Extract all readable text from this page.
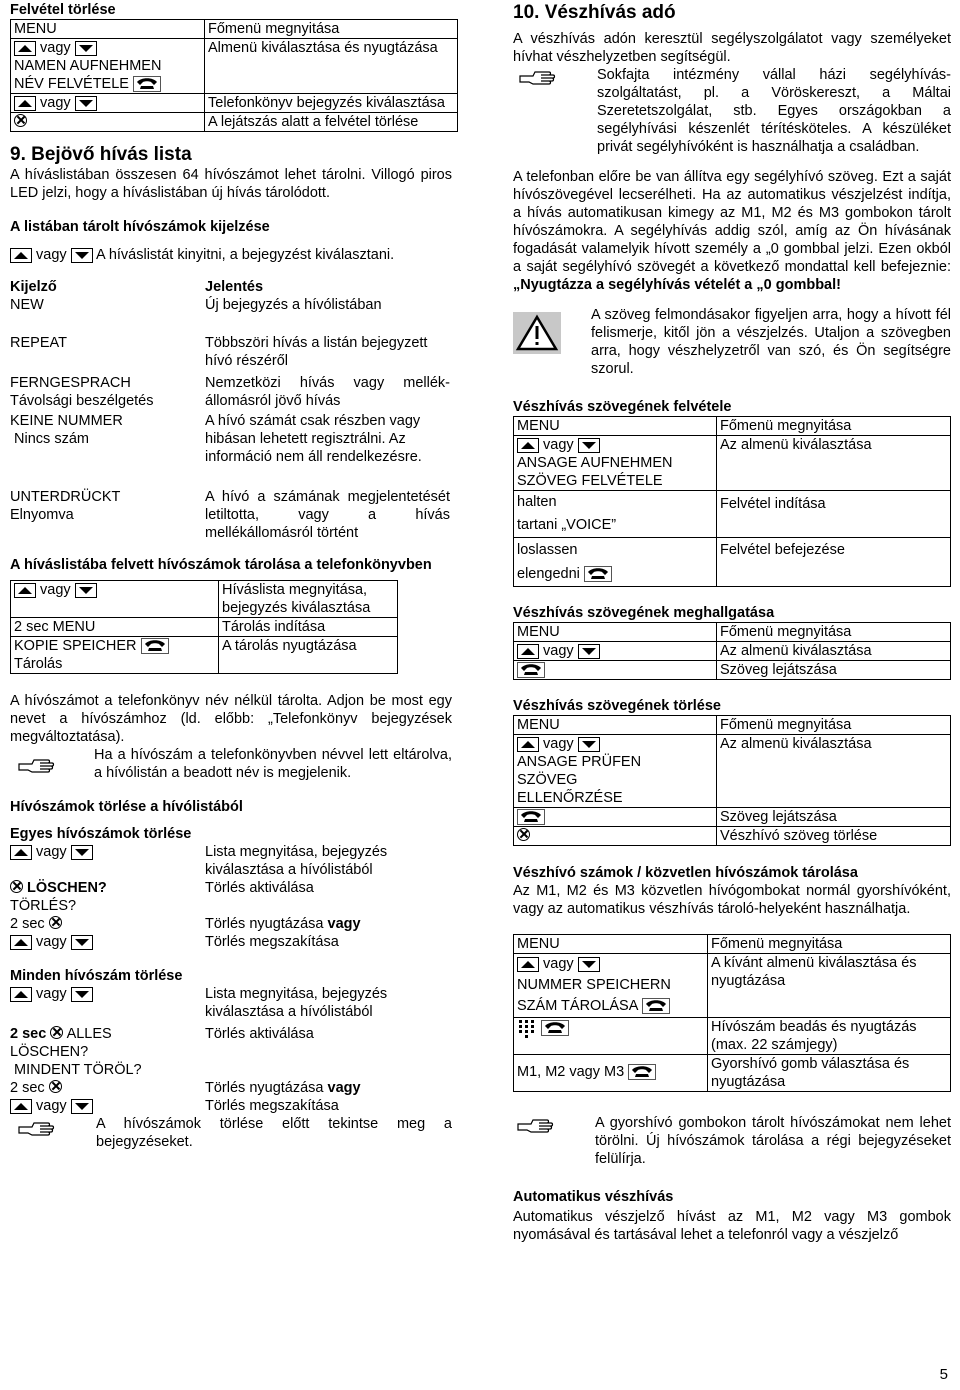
Felvétel törlése
MENU	Főmenü megnyitása
vagy
NAMEN AUFNEHMEN
NÉV FELVÉTELE	Almenü kiválasztása és nyugtázása
vagy	Telefonkönyv bejegyzés kiválasztása
	A lejátszás alatt a felvétel törlése
9. Bejövő hívás lista
A híváslistában összesen 64 hívószámot lehet tárolni. Villogó piros LED jelzi, hogy a híváslistában új hívás tárolódott.
A listában tárolt hívószámok kijelzése
vagy A híváslistát kinyitni, a bejegyzést kiválasztani.
Kijelző	Jelentés
NEW	Új bejegyzés a hívólistában
REPEAT	Többszöri hívás a listán bejegyzett hívó részéről
FERNGESPRACH
Távolsági beszélgetés	Nemzetközi hívás vagy mellék-állomásról jövő hívás
KEINE NUMMER
Nincs szám	A hívó számát csak részben vagy hibásan lehetett regisztrálni. Az információ nem áll rendelkezésre.
UNTERDRÜCKT
Elnyomva	A hívó a számának megjelentetését letiltotta, vagy a hívás mellékállomásról történt
A híváslistába felvett hívószámok tárolása a telefonkönyvben
vagy	Híváslista megnyitása, bejegyzés kiválasztása
2 sec MENU	Tárolás indítása
KOPIE SPEICHER
Tárolás	A tárolás nyugtázása
A hívószámot a telefonkönyv név nélkül tárolta. Adjon be most egy nevet a hívószámhoz (ld. előbb: „Telefonkönyv bejegyzések megváltoztatása).
Ha a hívószám a telefonkönyvben névvel lett eltárolva, a hívólistán a beadott név is megjelenik.
Hívószámok törlése a hívólistából
Egyes hívószámok törlése
vagy	Lista megnyitása, bejegyzés kiválasztása a hívólistából
LÖSCHEN?
TÖRLÉS?	Törlés aktiválása
2 sec	Törlés nyugtázása vagy
vagy	Törlés megszakítása
Minden hívószám törlése
vagy	Lista megnyitása, bejegyzés kiválasztása a hívólistából
2 sec ALLES
LÖSCHEN?
MINDENT TÖRÖL?	Törlés aktiválása
2 sec	Törlés nyugtázása vagy
vagy	Törlés megszakítása
A hívószámok törlése előtt tekintse meg a bejegyzéseket.
10. Vészhívás adó
A vészhívás adón keresztül segélyszolgálatot vagy személyeket hívhat vészhelyzetben segítségül.
Sokfajta intézmény vállal házi segélyhívás-szolgáltatást, pl. a Vöröskereszt, a Máltai Szeretetszolgálat, stb. Egyes országokban a segélyhívási készenlét térítésköteles. A készüléket privát segélyhívóként is használhatja a családban.
A telefonban előre be van állítva egy segélyhívó szöveg. Ezt a saját hívószövegével lecserélheti. Ha az automatikus vészjelzést indítja, a hívás automatikusan kimegy az M1, M2 és M3 gombokon tárolt hívószámokra. A segélyhívás addig szól, amíg az Ön hívásának fogadását valamelyik hívott személy a „0 gombbal jelzi. Ezen okból a saját segélyhívó szövegét a következő mondattal kell befejeznie: „Nyugtázza a segélyhívás vételét a „0 gombbal!
A szöveg felmondásakor figyeljen arra, hogy a hívott fél felismerje, kitől jön a vészjelzés. Utaljon a szövegben arra, hogy vészhelyzetről van szó, és Ön segítségre szorul.
Vészhívás szövegének felvétele
MENU	Főmenü megnyitása
vagy
ANSAGE AUFNEHMEN
SZÖVEG FELVÉTELE	Az almenü kiválasztása
halten
tartani „VOICE”	Felvétel indítása
loslassen
elengedni	Felvétel befejezése
Vészhívás szövegének meghallgatása
MENU	Főmenü megnyitása
vagy	Az almenü kiválasztása
	Szöveg lejátszása
Vészhívás szövegének törlése
MENU	Főmenü megnyitása
vagy
ANSAGE PRÜFEN
SZÖVEG
ELLENŐRZÉSE	Az almenü kiválasztása
	Szöveg lejátszása
	Vészhívó szöveg törlése
Vészhívó számok / közvetlen hívószámok tárolása
Az M1, M2 és M3 közvetlen hívógombokat normál gyorshívóként, vagy az automatikus vészhívás tároló-helyeként használhatja.
MENU	Főmenü megnyitása
vagy
NUMMER SPEICHERN
SZÁM TÁROLÁSA	A kívánt almenü kiválasztása és nyugtázása
	Hívószám beadás és nyugtázás (max. 22 számjegy)
M1, M2 vagy M3	Gyorshívó gomb választása és nyugtázása
A gyorshívó gombokon tárolt hívószámokat nem lehet törölni. Új hívószámok tárolása a régi bejegyzéseket felülírja.
Automatikus vészhívás
Automatikus vészjelző hívást az M1, M2 vagy M3 gombok nyomásával és tartásával lehet a telefonról vagy a vészjelző
5
